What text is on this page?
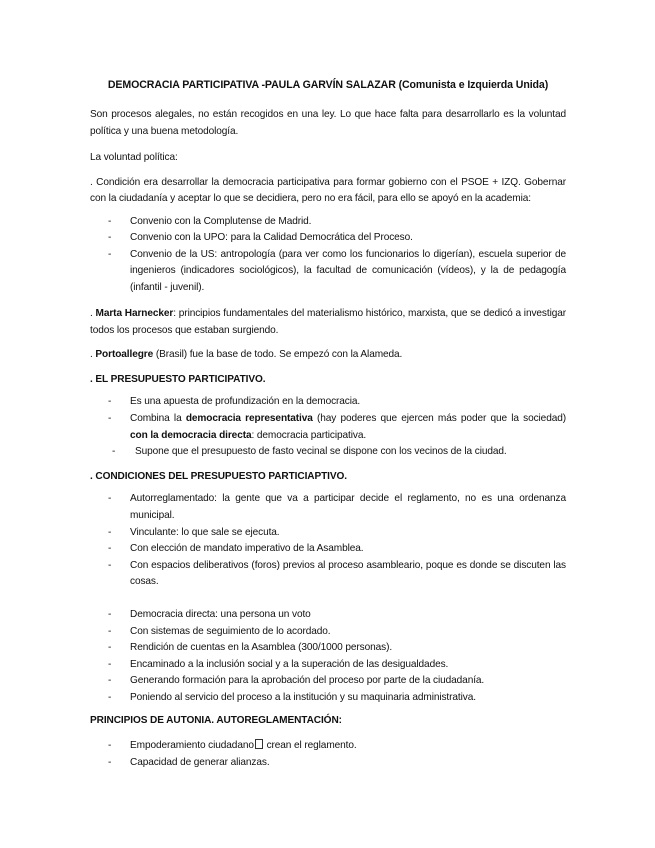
DEMOCRACIA PARTICIPATIVA -PAULA GARVÍN SALAZAR (Comunista e Izquierda Unida)

Son procesos alegales, no están recogidos en una ley. Lo que hace falta para desarrollarlo es la voluntad política y una buena metodología.

La voluntad política:

. Condición era desarrollar la democracia participativa para formar gobierno con el PSOE + IZQ. Gobernar con la ciudadanía y aceptar lo que se decidiera, pero no era fácil, para ello se apoyó en la academia:

- Convenio con la Complutense de Madrid.
- Convenio con la UPO: para la Calidad Democrática del Proceso.
- Convenio de la US: antropología (para ver como los funcionarios lo digerían), escuela superior de ingenieros (indicadores sociológicos), la facultad de comunicación (vídeos), y la de pedagogía (infantil - juvenil).

. Marta Harnecker: principios fundamentales del materialismo histórico, marxista, que se dedicó a investigar todos los procesos que estaban surgiendo.

. Portoallegre (Brasil) fue la base de todo. Se empezó con la Alameda.

. EL PRESUPUESTO PARTICIPATIVO.
- Es una apuesta de profundización en la democracia.
- Combina la democracia representativa (hay poderes que ejercen más poder que la sociedad) con la democracia directa: democracia participativa.
- Supone que el presupuesto de fasto vecinal se dispone con los vecinos de la ciudad.
. CONDICIONES DEL PRESUPUESTO PARTICIAPTIVO.
- Autorreglamentado: la gente que va a participar decide el reglamento, no es una ordenanza municipal.
- Vinculante: lo que sale se ejecuta.
- Con elección de mandato imperativo de la Asamblea.
- Con espacios deliberativos (foros) previos al proceso asambleario, poque es donde se discuten las cosas.
- Democracia directa: una persona un voto
- Con sistemas de seguimiento de lo acordado.
- Rendición de cuentas en la Asamblea (300/1000 personas).
- Encaminado a la inclusión social y a la superación de las desigualdades.
- Generando formación para la aprobación del proceso por parte de la ciudadanía.
- Poniendo al servicio del proceso a la institución y su maquinaria administrativa.
PRINCIPIOS DE AUTONIA. AUTOREGLAMENTACIÓN:
- Empoderamiento ciudadano crean el reglamento.
- Capacidad de generar alianzas.
